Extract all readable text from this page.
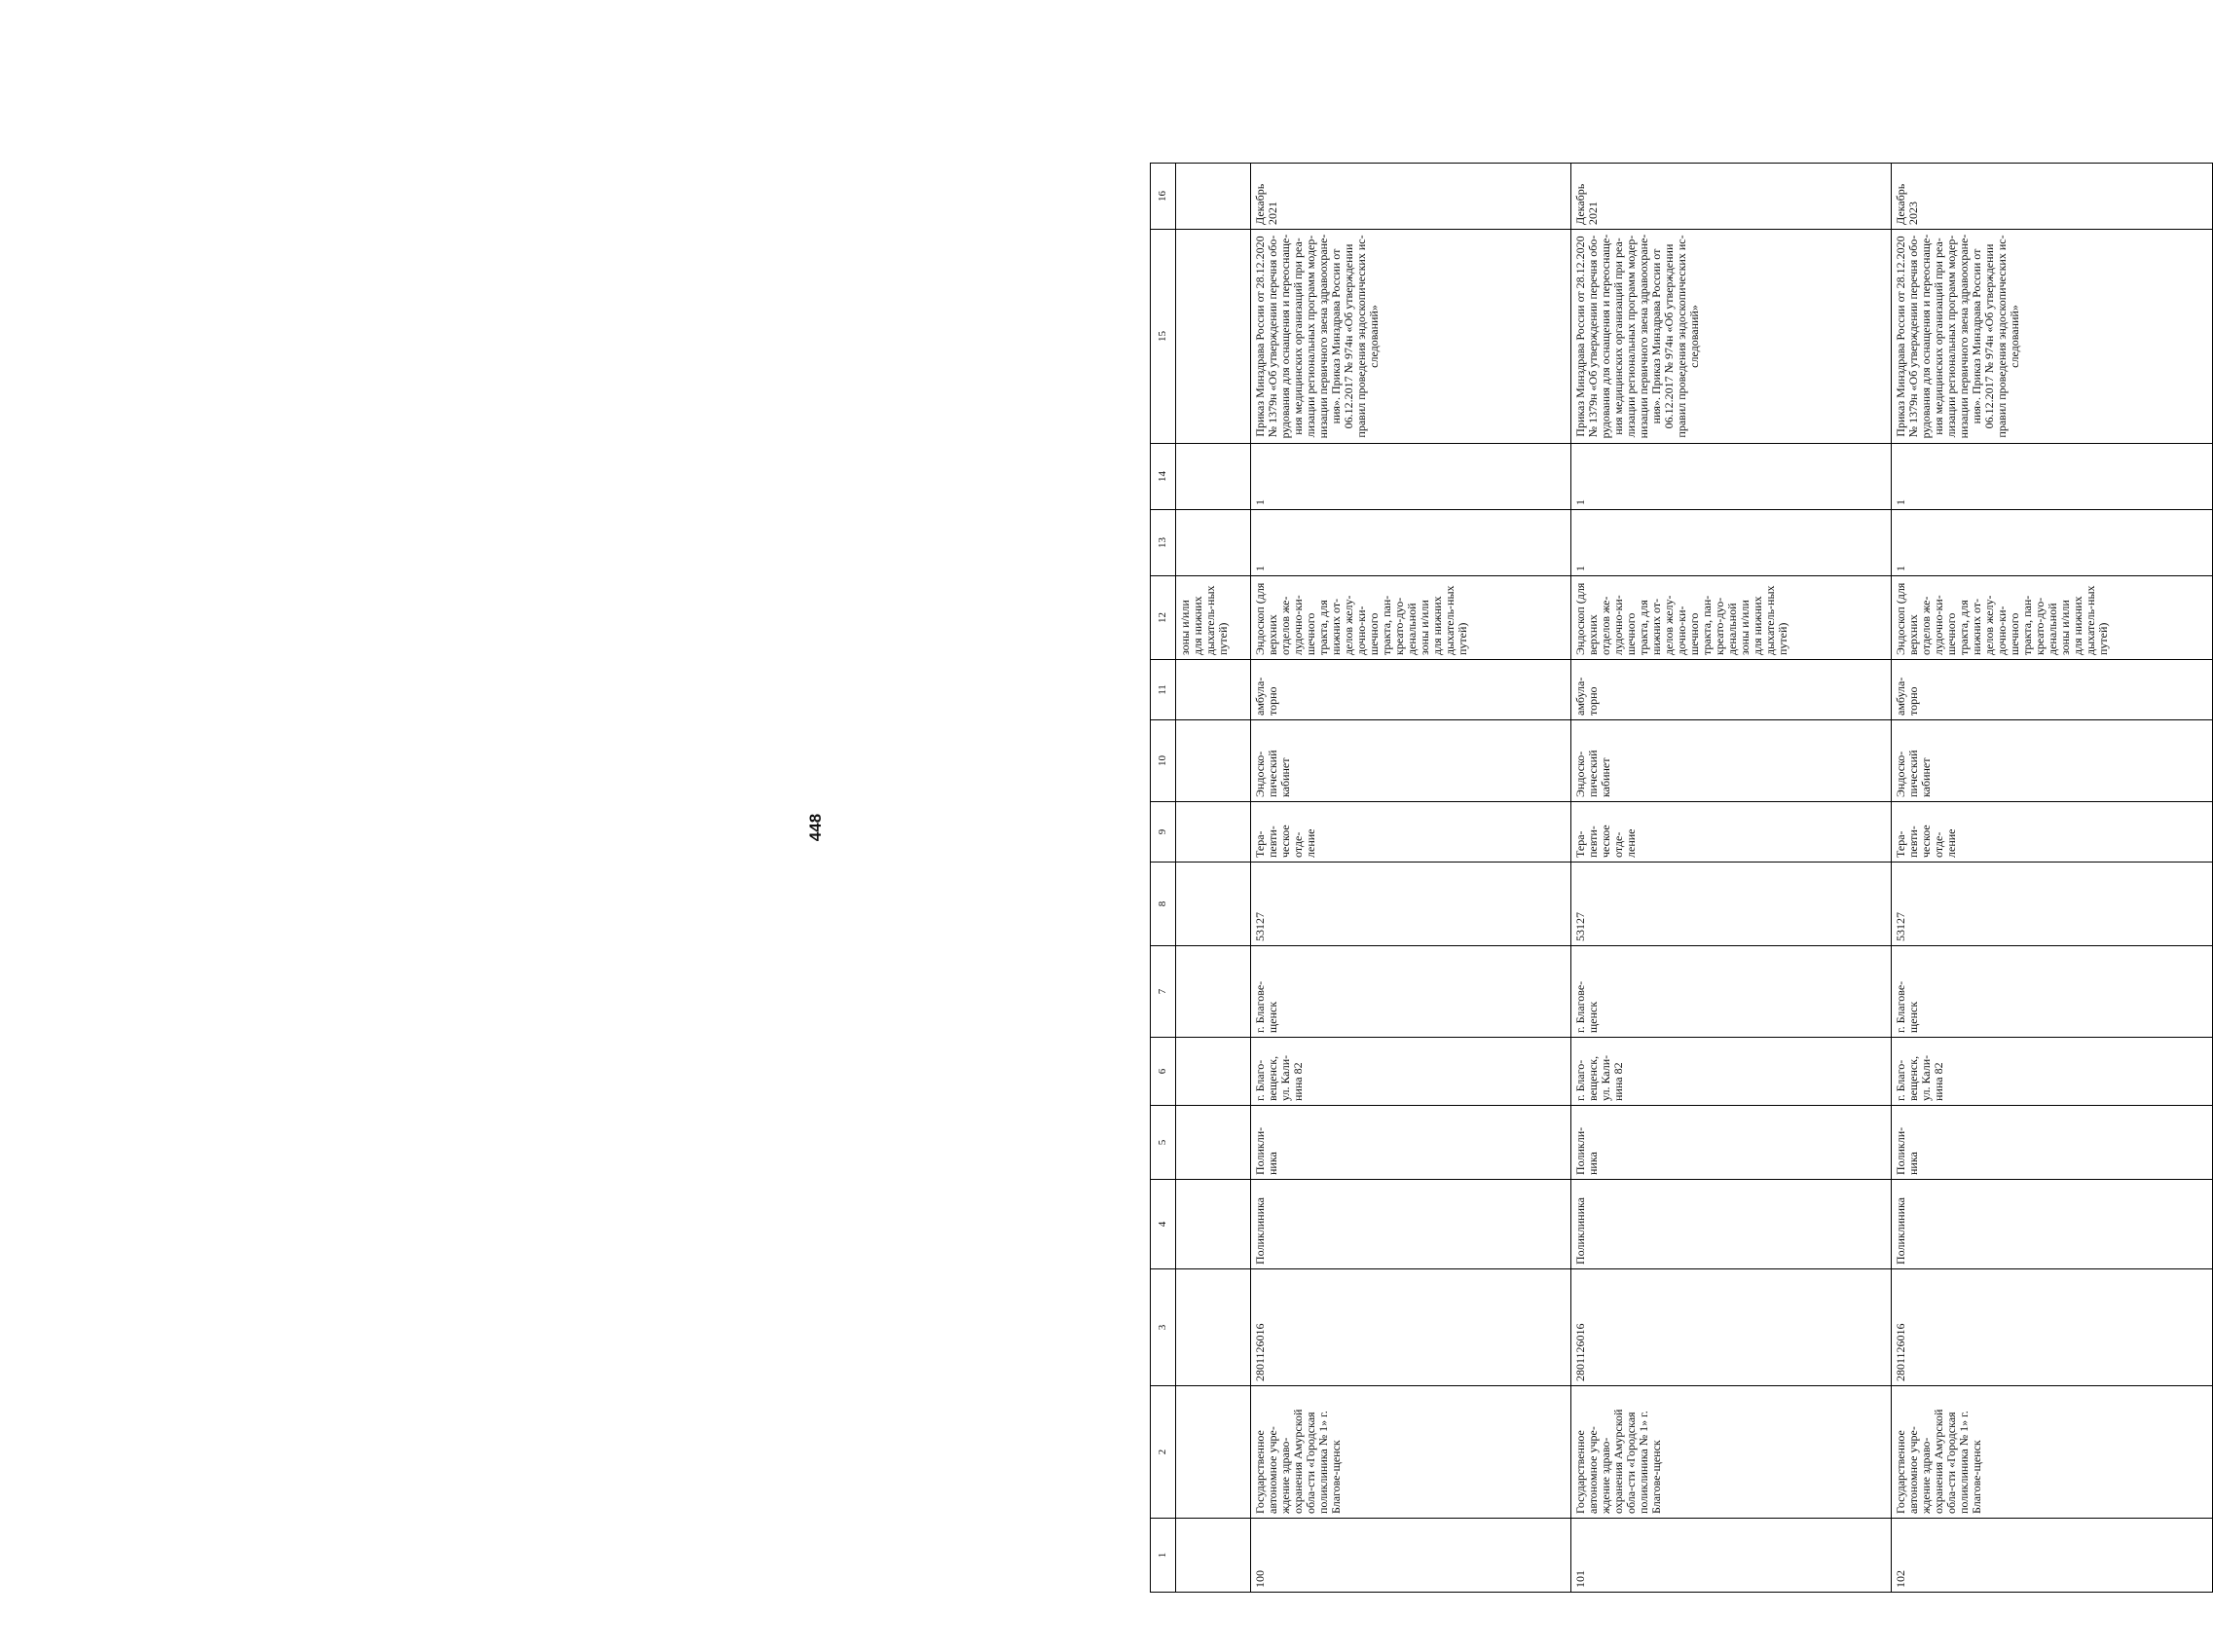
448
1	2	3	4	5	6	7	8	9	10	11	12	13	14	15	16
											зоны и/или для нижних дыхатель-ных путей)				
100	Государственное автономное учре-ждение здраво-охранения Амурской обла-сти «Городская поликлиника № 1» г. Благове-щенск	2801126016	Поликлиника	Поликли-ника	г. Благо-вещенск, ул. Кали-нина 82	г. Благове-щенск	53127	Тера-певти-ческое отде-ление	Эндоско-пический кабинет	амбула-торно	Эндоскоп (для верхних отделов же-лудочно-ки-шечного тракта, для нижних от-делов желу-дочно-ки-шечного тракта, пан-креато-дуо-денальной зоны и/или для нижних дыхатель-ных путей)	1	1	Приказ Минздрава России от 28.12.2020 № 1379н «Об утверждении перечня обо-рудования для оснащения и переоснаще-ния медицинских организаций при реа-лизации региональных программ модер-низации первичного звена здравоохране-ния». Приказ Минздрава России от 06.12.2017 № 974н «Об утверждении правил проведения эндоскопических ис-следований»	Декабрь 2021
101	Государственное автономное учре-ждение здраво-охранения Амурской обла-сти «Городская поликлиника № 1» г. Благове-щенск	2801126016	Поликлиника	Поликли-ника	г. Благо-вещенск, ул. Кали-нина 82	г. Благове-щенск	53127	Тера-певти-ческое отде-ление	Эндоско-пический кабинет	амбула-торно	Эндоскоп (для верхних отделов же-лудочно-ки-шечного тракта, для нижних от-делов желу-дочно-ки-шечного тракта, пан-креато-дуо-денальной зоны и/или для нижних дыхатель-ных путей)	1	1	Приказ Минздрава России от 28.12.2020 № 1379н «Об утверждении перечня обо-рудования для оснащения и переоснаще-ния медицинских организаций при реа-лизации региональных программ модер-низации первичного звена здравоохране-ния». Приказ Минздрава России от 06.12.2017 № 974н «Об утверждении правил проведения эндоскопических ис-следований»	Декабрь 2021
102	Государственное автономное учре-ждение здраво-охранения Амурской обла-сти «Городская поликлиника № 1» г. Благове-щенск	2801126016	Поликлиника	Поликли-ника	г. Благо-вещенск, ул. Кали-нина 82	г. Благове-щенск	53127	Тера-певти-ческое отде-ление	Эндоско-пический кабинет	амбула-торно	Эндоскоп (для верхних отделов же-лудочно-ки-шечного тракта, для нижних от-делов желу-дочно-ки-шечного тракта, пан-креато-дуо-денальной зоны и/или для нижних дыхатель-ных путей)	1	1	Приказ Минздрава России от 28.12.2020 № 1379н «Об утверждении перечня обо-рудования для оснащения и переоснаще-ния медицинских организаций при реа-лизации региональных программ модер-низации первичного звена здравоохране-ния». Приказ Минздрава России от 06.12.2017 № 974н «Об утверждении правил проведения эндоскопических ис-следований»	Декабрь 2023
